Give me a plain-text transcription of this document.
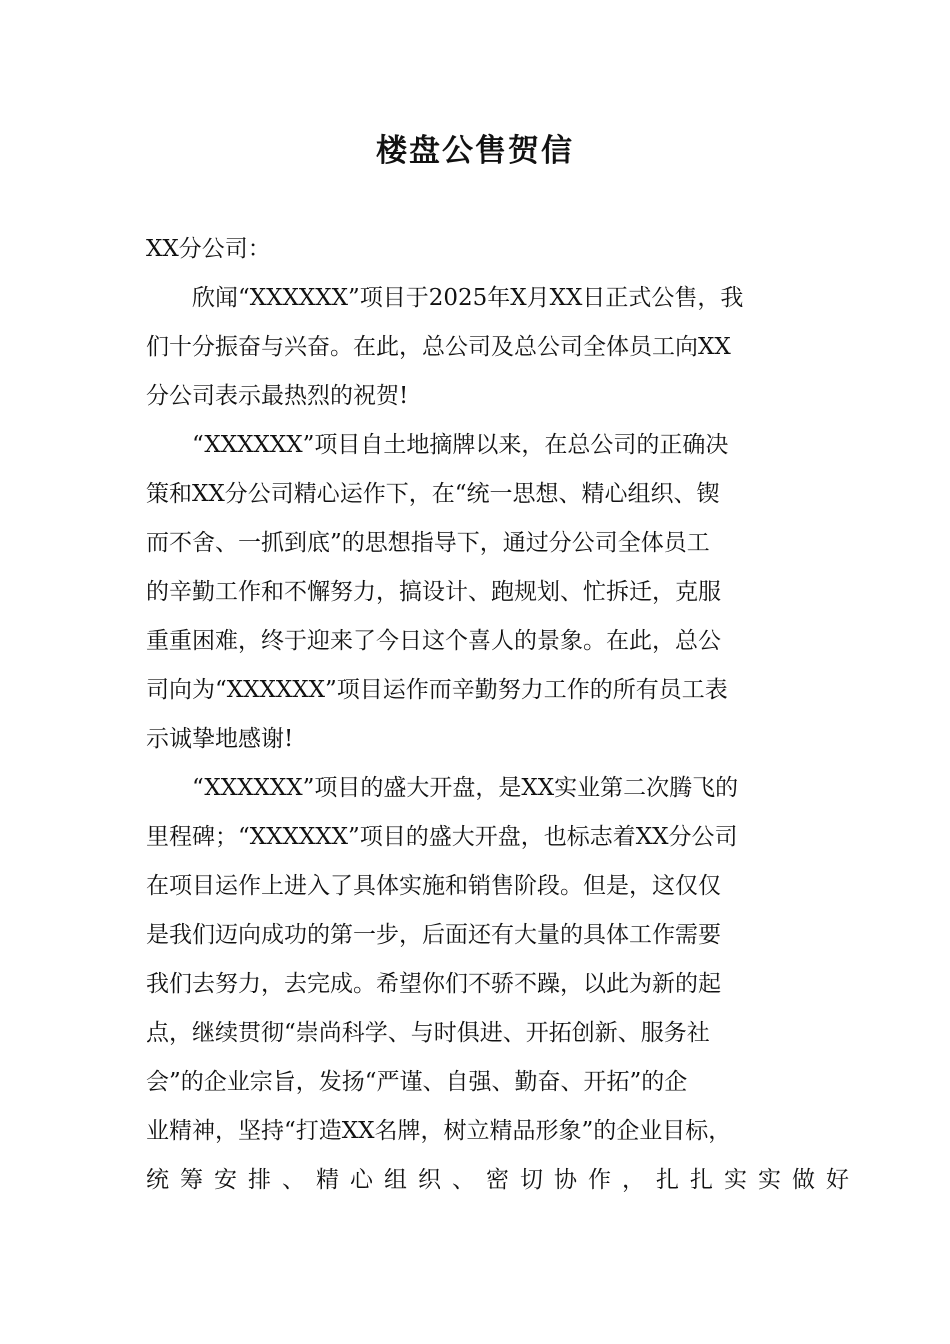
楼盘公售贺信

XX分公司：

　　欣闻“XXXXXX”项目于2025年X月XX日正式公售，我

们十分振奋与兴奋。在此，总公司及总公司全体员工向XX

分公司表示最热烈的祝贺!

　　“XXXXXX”项目自土地摘牌以来，在总公司的正确决

策和XX分公司精心运作下，在“统一思想、精心组织、锲

而不舍、一抓到底”的思想指导下，通过分公司全体员工

的辛勤工作和不懈努力，搞设计、跑规划、忙拆迁，克服

重重困难，终于迎来了今日这个喜人的景象。在此，总公

司向为“XXXXXX”项目运作而辛勤努力工作的所有员工表

示诚挚地感谢!

　　“XXXXXX”项目的盛大开盘，是XX实业第二次腾飞的

里程碑；“XXXXXX”项目的盛大开盘，也标志着XX分公司

在项目运作上进入了具体实施和销售阶段。但是，这仅仅

是我们迈向成功的第一步，后面还有大量的具体工作需要

我们去努力，去完成。希望你们不骄不躁，以此为新的起

点，继续贯彻“崇尚科学、与时俱进、开拓创新、服务社

会”的企业宗旨，发扬“严谨、自强、勤奋、开拓”的企

业精神，坚持“打造XX名牌，树立精品形象”的企业目标，

统筹安排、精心组织、密切协作，扎扎实实做好
